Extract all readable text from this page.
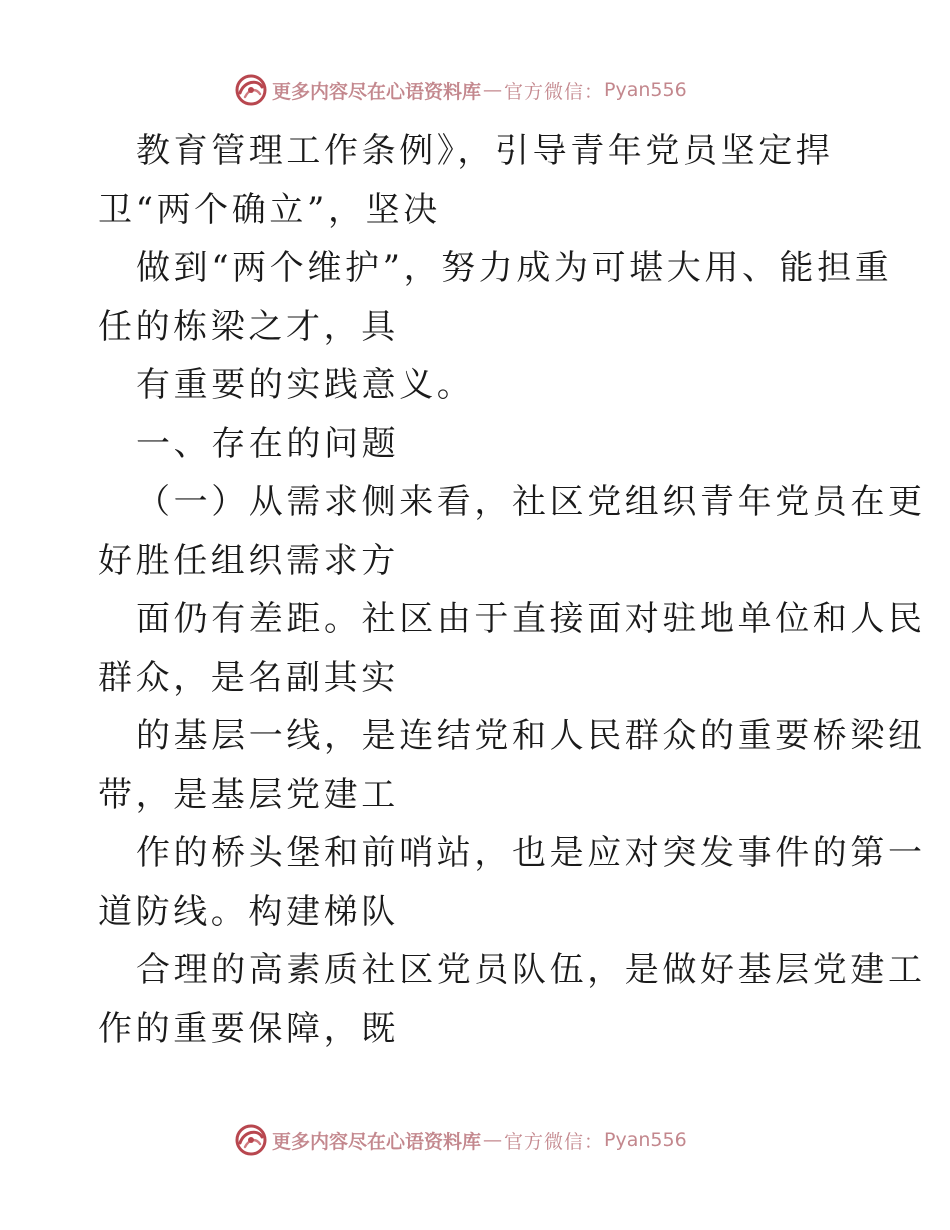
更多内容尽在心语资料库 — 官方微信： Pyan556
教育管理工作条例》，引导青年党员坚定捍
卫“两个确立”，坚决
做到“两个维护”，努力成为可堪大用、能担重
任的栋梁之才，具
有重要的实践意义。
一、存在的问题
（一）从需求侧来看，社区党组织青年党员在更
好胜任组织需求方
面仍有差距。社区由于直接面对驻地单位和人民
群众，是名副其实
的基层一线，是连结党和人民群众的重要桥梁纽
带，是基层党建工
作的桥头堡和前哨站，也是应对突发事件的第一
道防线。构建梯队
合理的高素质社区党员队伍，是做好基层党建工
作的重要保障，既
更多内容尽在心语资料库 — 官方微信： Pyan556
